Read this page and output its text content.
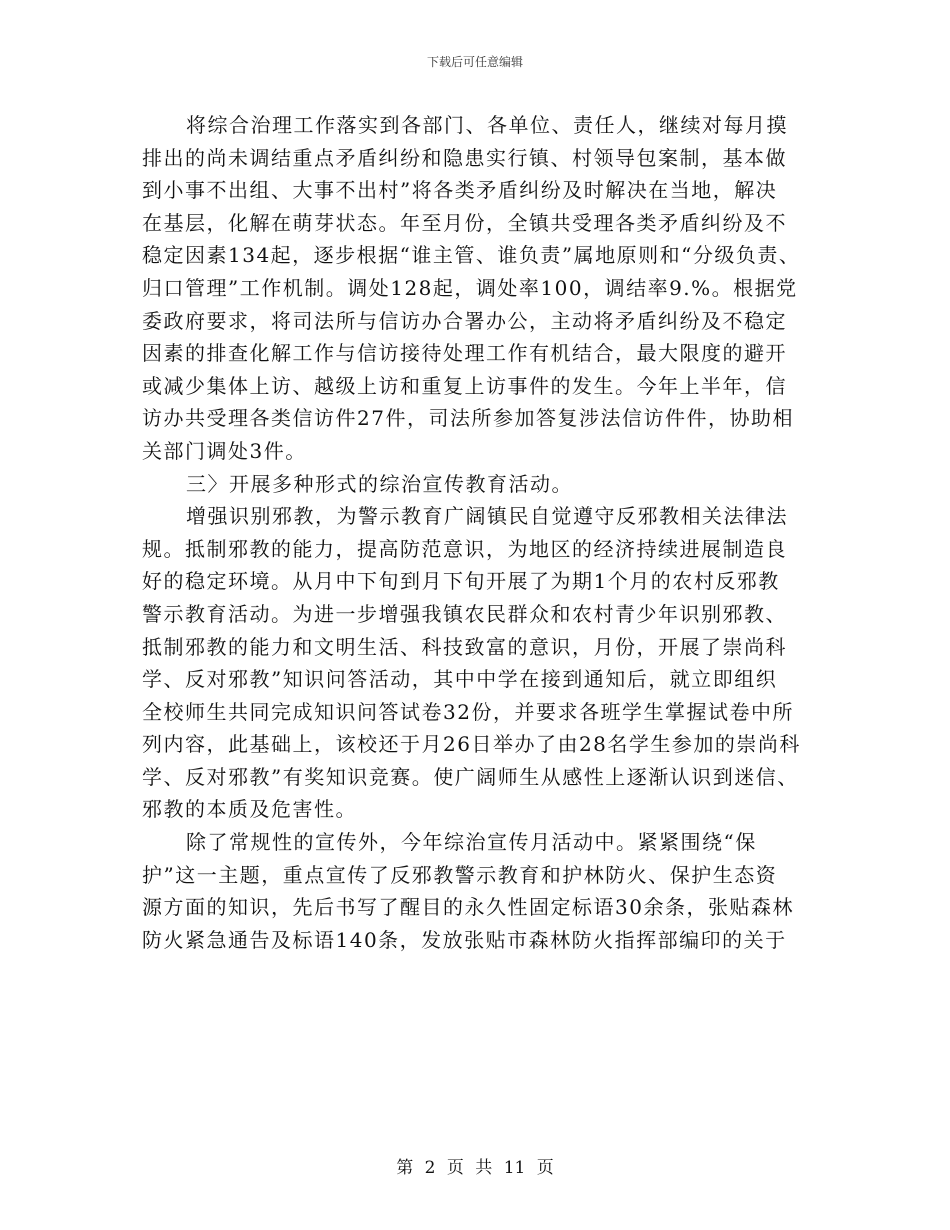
下载后可任意编辑
将综合治理工作落实到各部门、各单位、责任人，继续对每月摸
排出的尚未调结重点矛盾纠纷和隐患实行镇、村领导包案制，基本做
到小事不出组、大事不出村”将各类矛盾纠纷及时解决在当地，解决
在基层，化解在萌芽状态。年至月份，全镇共受理各类矛盾纠纷及不
稳定因素134起，逐步根据“谁主管、谁负责”属地原则和“分级负责、
归口管理”工作机制。调处128起，调处率100，调结率9.%。根据党
委政府要求，将司法所与信访办合署办公，主动将矛盾纠纷及不稳定
因素的排查化解工作与信访接待处理工作有机结合，最大限度的避开
或减少集体上访、越级上访和重复上访事件的发生。今年上半年，信
访办共受理各类信访件27件，司法所参加答复涉法信访件件，协助相
关部门调处3件。
三〉开展多种形式的综治宣传教育活动。
增强识别邪教，为警示教育广阔镇民自觉遵守反邪教相关法律法
规。抵制邪教的能力，提高防范意识，为地区的经济持续进展制造良
好的稳定环境。从月中下旬到月下旬开展了为期1个月的农村反邪教
警示教育活动。为进一步增强我镇农民群众和农村青少年识别邪教、
抵制邪教的能力和文明生活、科技致富的意识，月份，开展了崇尚科
学、反对邪教”知识问答活动，其中中学在接到通知后，就立即组织
全校师生共同完成知识问答试卷32份，并要求各班学生掌握试卷中所
列内容，此基础上，该校还于月26日举办了由28名学生参加的崇尚科
学、反对邪教”有奖知识竞赛。使广阔师生从感性上逐渐认识到迷信、
邪教的本质及危害性。
除了常规性的宣传外，今年综治宣传月活动中。紧紧围绕“保
护”这一主题，重点宣传了反邪教警示教育和护林防火、保护生态资
源方面的知识，先后书写了醒目的永久性固定标语30余条，张贴森林
防火紧急通告及标语140条，发放张贴市森林防火指挥部编印的关于
第 2 页 共 11 页
